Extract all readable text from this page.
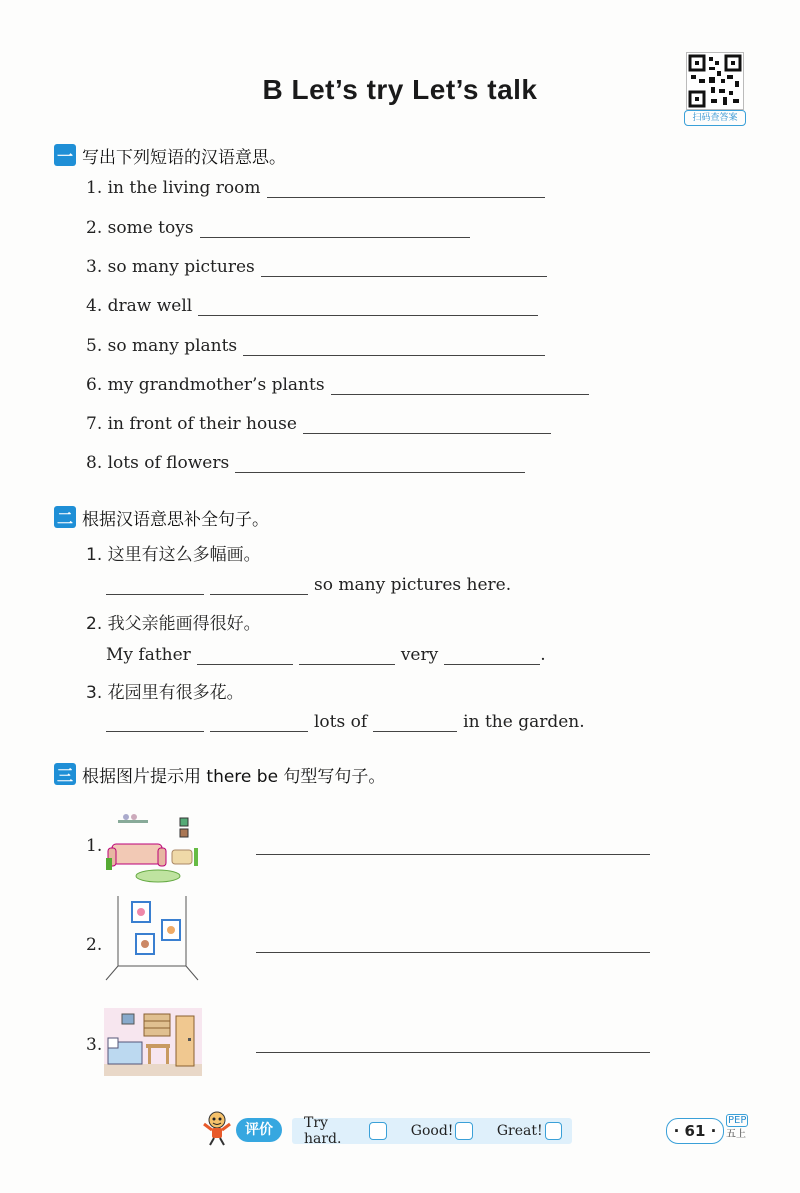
B Let’s try Let’s talk
扫码查答案
一 写出下列短语的汉语意思。
1. in the living room
2. some toys
3. so many pictures
4. draw well
5. so many plants
6. my grandmother’s plants
7. in front of their house
8. lots of flowers
二 根据汉语意思补全句子。
1. 这里有这么多幅画。
so many pictures here.
2. 我父亲能画得很好。
My father	very	.
3. 花园里有很多花。
lots of	in the garden.
三 根据图片提示用 there be 句型写句子。
1.
2.
3.
评价	Try hard.	Good!	Great!	· 61 ·
PEP
五上
